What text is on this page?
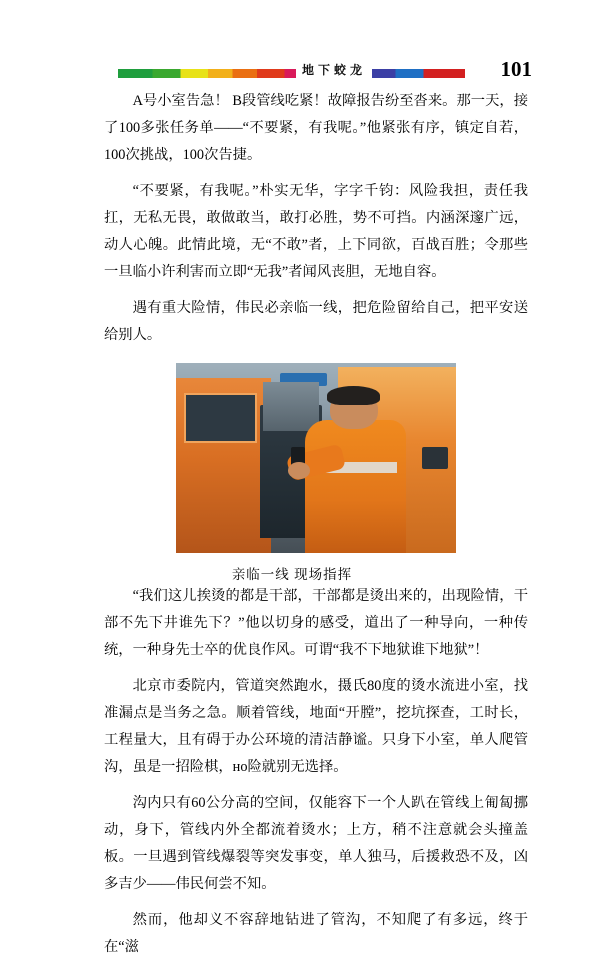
地下蛟龙	101

A号小室告急！ B段管线吃紧！故障报告纷至沓来。那一天，接了100多张任务单——“不要紧，有我呢。”他紧张有序，镇定自若，100次挑战，100次告捷。

“不要紧，有我呢。”朴实无华，字字千钧：风险我担，责任我扛，无私无畏，敢做敢当，敢打必胜，势不可挡。内涵深邃广远，动人心魄。此情此境，无“不敢”者，上下同欲，百战百胜；令那些一旦临小许利害而立即“无我”者闻风丧胆，无地自容。

遇有重大险情，伟民必亲临一线，把危险留给自己，把平安送给别人。

亲临一线 现场指挥

“我们这儿挨烫的都是干部，干部都是烫出来的，出现险情，干部不先下井谁先下？”他以切身的感受，道出了一种导向，一种传统，一种身先士卒的优良作风。可谓“我不下地狱谁下地狱”！

北京市委院内，管道突然跑水，摄氏80度的烫水流进小室，找准漏点是当务之急。顺着管线，地面“开膛”，挖坑探查，工时长，工程量大，且有碍于办公环境的清洁静谧。只身下小室，单人爬管沟，虽是一招险棋，но险就别无选择。

沟内只有60公分高的空间，仅能容下一个人趴在管线上匍匐挪动，身下，管线内外全都流着烫水；上方，稍不注意就会头撞盖板。一旦遇到管线爆裂等突发事变，单人独马，后援救恐不及，凶多吉少——伟民何尝不知。

然而，他却义不容辞地钻进了管沟，不知爬了有多远，终于在“滋
